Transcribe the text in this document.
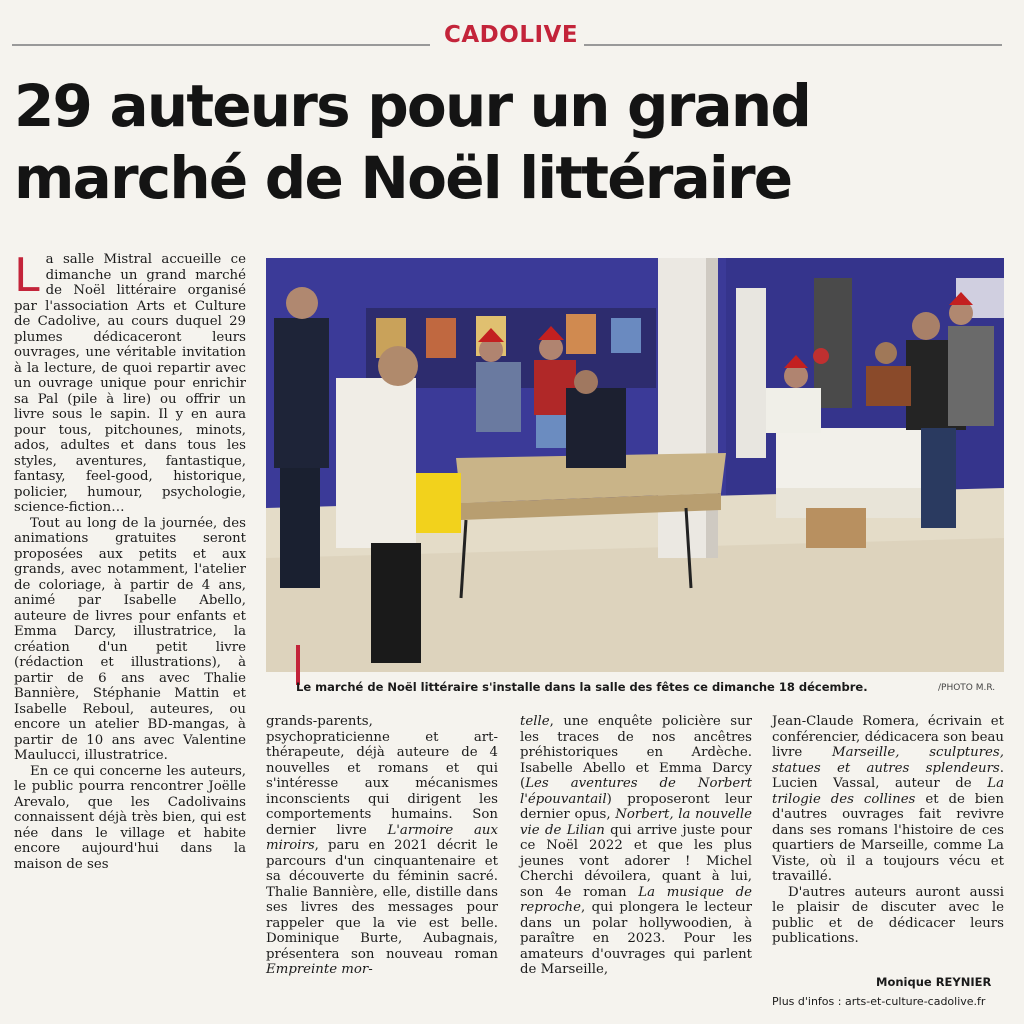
CADOLIVE
29 auteurs pour un grand
marché de Noël littéraire

La salle Mistral accueille ce dimanche un grand marché de Noël littéraire organisé par l'association Arts et Culture de Cadolive, au cours duquel 29 plumes dédicaceront leurs ouvrages, une véritable invitation à la lecture, de quoi repartir avec un ouvrage unique pour enrichir sa Pal (pile à lire) ou offrir un livre sous le sapin. Il y en aura pour tous, pitchounes, minots, ados, adultes et dans tous les styles, aventures, fantastique, fantasy, feel-good, historique, policier, humour, psychologie, science-fiction…

Tout au long de la journée, des animations gratuites seront proposées aux petits et aux grands, avec notamment, l'atelier de coloriage, à partir de 4 ans, animé par Isabelle Abello, auteure de livres pour enfants et Emma Darcy, illustratrice, la création d'un petit livre (rédaction et illustrations), à partir de 6 ans avec Thalie Bannière, Stéphanie Mattin et Isabelle Reboul, auteures, ou encore un atelier BD-mangas, à partir de 10 ans avec Valentine Maulucci, illustratrice.

En ce qui concerne les auteurs, le public pourra rencontrer Joëlle Arevalo, que les Cadolivains connaissent déjà très bien, qui est née dans le village et habite encore aujourd'hui dans la maison de ses

Le marché de Noël littéraire s'installe dans la salle des fêtes ce dimanche 18 décembre.	/PHOTO M.R.

grands-parents, psychopraticienne et art-thérapeute, déjà auteure de 4 nouvelles et romans et qui s'intéresse aux mécanismes inconscients qui dirigent les comportements humains. Son dernier livre L'armoire aux miroirs, paru en 2021 décrit le parcours d'un cinquantenaire et sa découverte du féminin sacré. Thalie Bannière, elle, distille dans ses livres des messages pour rappeler que la vie est belle. Dominique Burte, Aubagnais, présentera son nouveau roman Empreinte mor-

telle, une enquête policière sur les traces de nos ancêtres préhistoriques en Ardèche. Isabelle Abello et Emma Darcy (Les aventures de Norbert l'épouvantail) proposeront leur dernier opus, Norbert, la nouvelle vie de Lilian qui arrive juste pour ce Noël 2022 et que les plus jeunes vont adorer ! Michel Cherchi dévoilera, quant à lui, son 4e roman La musique de reproche, qui plongera le lecteur dans un polar hollywoodien, à paraître en 2023. Pour les amateurs d'ouvrages qui parlent de Marseille,

Jean-Claude Romera, écrivain et conférencier, dédicacera son beau livre Marseille, sculptures, statues et autres splendeurs. Lucien Vassal, auteur de La trilogie des collines et de bien d'autres ouvrages fait revivre dans ses romans l'histoire de ces quartiers de Marseille, comme La Viste, où il a toujours vécu et travaillé.

D'autres auteurs auront aussi le plaisir de discuter avec le public et de dédicacer leurs publications.

Monique REYNIER
Plus d'infos : arts-et-culture-cadolive.fr
